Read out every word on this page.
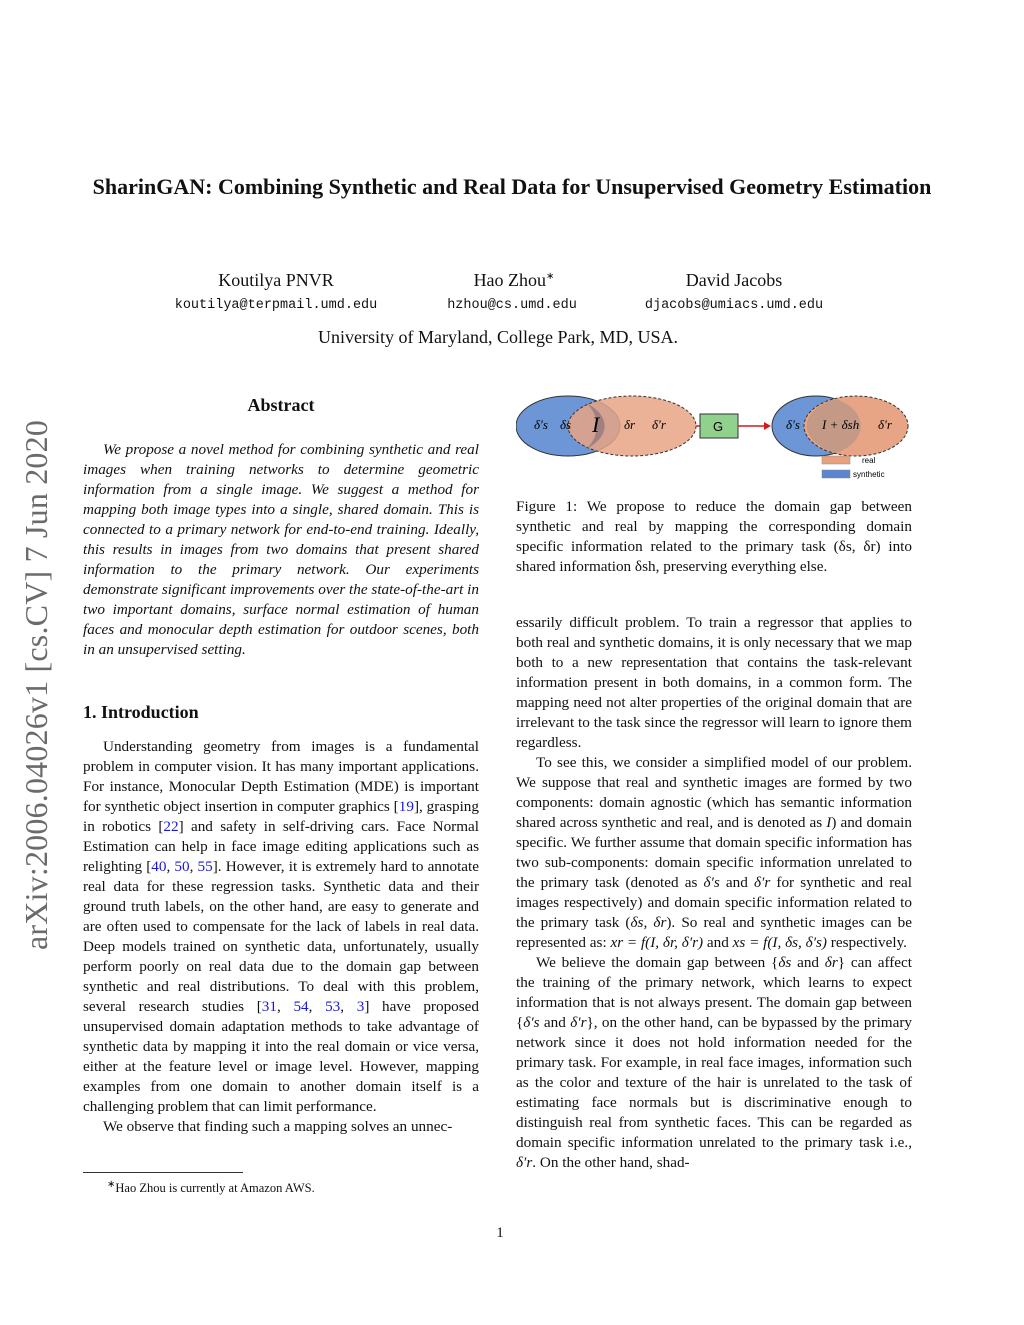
arXiv:2006.04026v1 [cs.CV] 7 Jun 2020
SharinGAN: Combining Synthetic and Real Data for Unsupervised Geometry Estimation
Koutilya PNVR	Hao Zhou∗	David Jacobs
koutilya@terpmail.umd.edu	hzhou@cs.umd.edu	djacobs@umiacs.umd.edu
University of Maryland, College Park, MD, USA.
Abstract

We propose a novel method for combining synthetic and real images when training networks to determine geometric information from a single image. We suggest a method for mapping both image types into a single, shared domain. This is connected to a primary network for end-to-end training. Ideally, this results in images from two domains that present shared information to the primary network. Our experiments demonstrate significant improvements over the state-of-the-art in two important domains, surface normal estimation of human faces and monocular depth estimation for outdoor scenes, both in an unsupervised setting.

1. Introduction

Understanding geometry from images is a fundamental problem in computer vision. It has many important applications. For instance, Monocular Depth Estimation (MDE) is important for synthetic object insertion in computer graphics [19], grasping in robotics [22] and safety in self-driving cars. Face Normal Estimation can help in face image editing applications such as relighting [40, 50, 55]. However, it is extremely hard to annotate real data for these regression tasks. Synthetic data and their ground truth labels, on the other hand, are easy to generate and are often used to compensate for the lack of labels in real data. Deep models trained on synthetic data, unfortunately, usually perform poorly on real data due to the domain gap between synthetic and real distributions. To deal with this problem, several research studies [31, 54, 53, 3] have proposed unsupervised domain adaptation methods to take advantage of synthetic data by mapping it into the real domain or vice versa, either at the feature level or image level. However, mapping examples from one domain to another domain itself is a challenging problem that can limit performance.

We observe that finding such a mapping solves an unnec-

∗Hao Zhou is currently at Amazon AWS.
δ′s δs I δr δ′r	G	δ′s I + δsh δ′r
real
synthetic
Figure 1: We propose to reduce the domain gap between synthetic and real by mapping the corresponding domain specific information related to the primary task (δs, δr) into shared information δsh, preserving everything else.

essarily difficult problem. To train a regressor that applies to both real and synthetic domains, it is only necessary that we map both to a new representation that contains the task-relevant information present in both domains, in a common form. The mapping need not alter properties of the original domain that are irrelevant to the task since the regressor will learn to ignore them regardless.

To see this, we consider a simplified model of our problem. We suppose that real and synthetic images are formed by two components: domain agnostic (which has semantic information shared across synthetic and real, and is denoted as I) and domain specific. We further assume that domain specific information has two sub-components: domain specific information unrelated to the primary task (denoted as δ′s and δ′r for synthetic and real images respectively) and domain specific information related to the primary task (δs, δr). So real and synthetic images can be represented as: xr = f(I, δr, δ′r) and xs = f(I, δs, δ′s) respectively.

We believe the domain gap between {δs and δr} can affect the training of the primary network, which learns to expect information that is not always present. The domain gap between {δ′s and δ′r}, on the other hand, can be bypassed by the primary network since it does not hold information needed for the primary task. For example, in real face images, information such as the color and texture of the hair is unrelated to the task of estimating face normals but is discriminative enough to distinguish real from synthetic faces. This can be regarded as domain specific information unrelated to the primary task i.e., δ′r. On the other hand, shad-

1
